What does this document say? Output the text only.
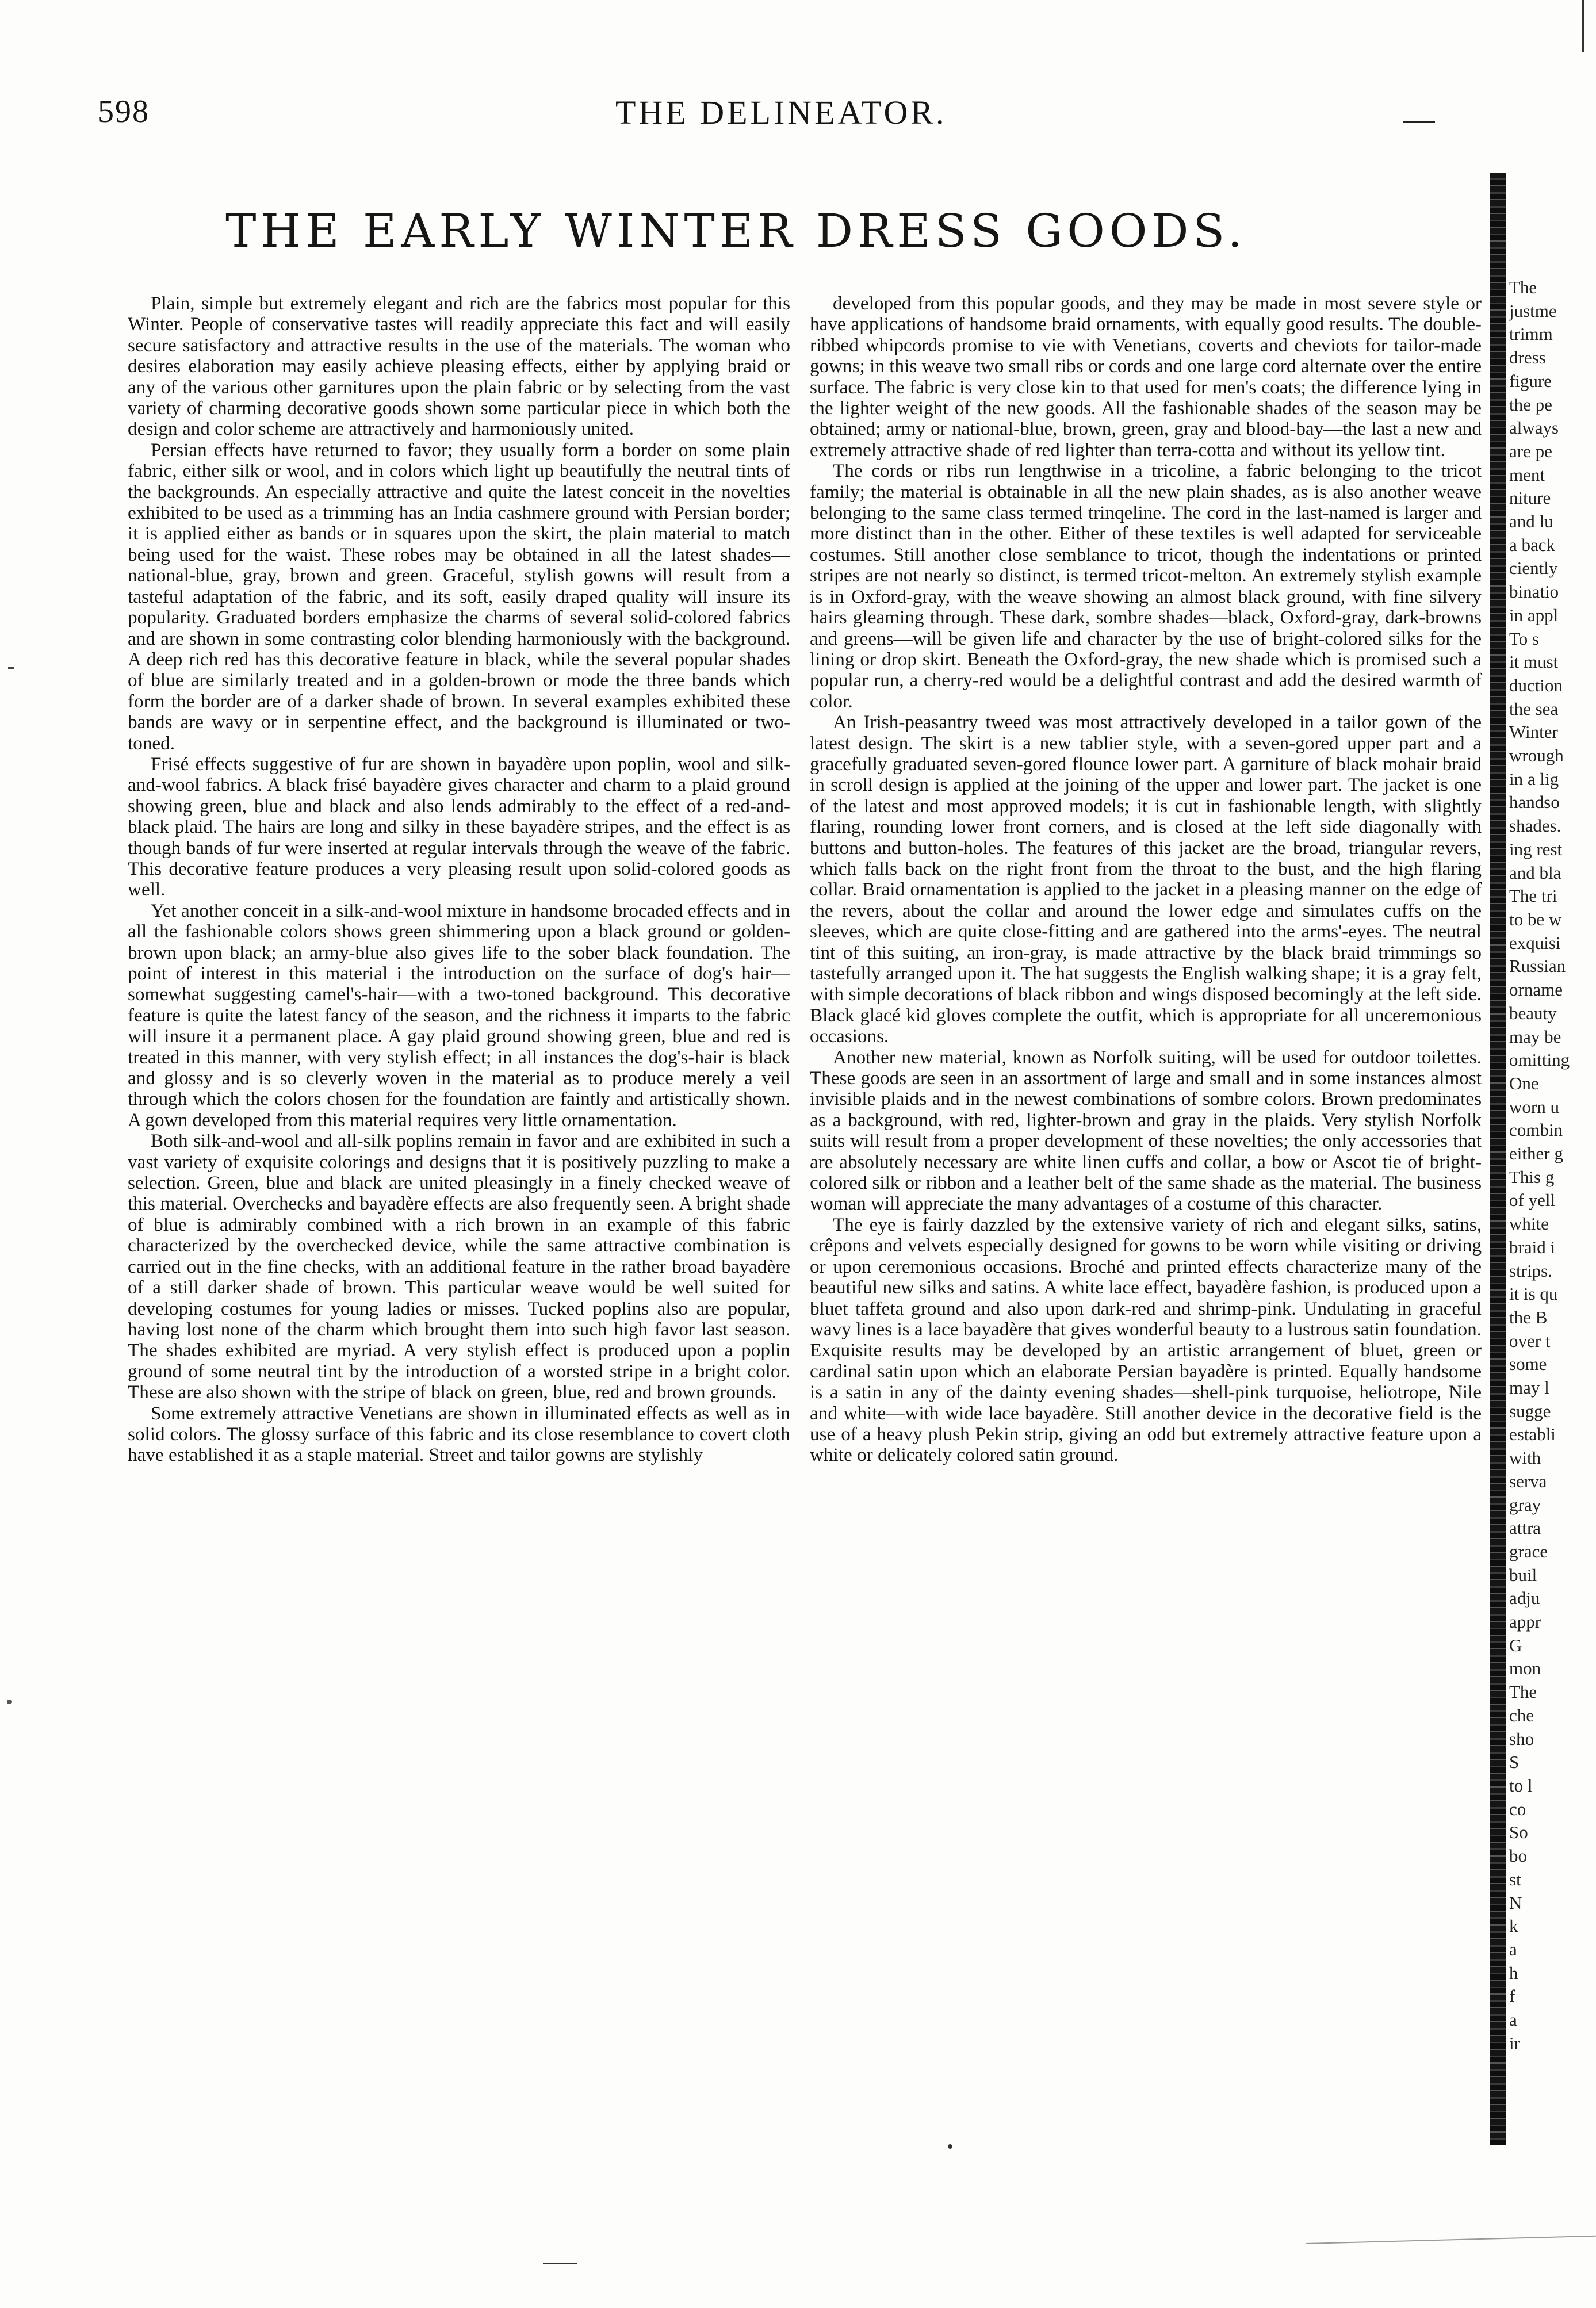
598	THE DELINEATOR.
THE EARLY WINTER DRESS GOODS.

Plain, simple but extremely elegant and rich are the fabrics most popular for this Winter. People of conservative tastes will readily appreciate this fact and will easily secure satisfactory and attractive results in the use of the materials. The woman who desires elaboration may easily achieve pleasing effects, either by applying braid or any of the various other garnitures upon the plain fabric or by selecting from the vast variety of charming decorative goods shown some particular piece in which both the design and color scheme are attractively and harmoniously united.

Persian effects have returned to favor; they usually form a border on some plain fabric, either silk or wool, and in colors which light up beautifully the neutral tints of the backgrounds. An especially attractive and quite the latest conceit in the novelties exhibited to be used as a trimming has an India cashmere ground with Persian border; it is applied either as bands or in squares upon the skirt, the plain material to match being used for the waist. These robes may be obtained in all the latest shades—national-blue, gray, brown and green. Graceful, stylish gowns will result from a tasteful adaptation of the fabric, and its soft, easily draped quality will insure its popularity. Graduated borders emphasize the charms of several solid-colored fabrics and are shown in some contrasting color blending harmoniously with the background. A deep rich red has this decorative feature in black, while the several popular shades of blue are similarly treated and in a golden-brown or mode the three bands which form the border are of a darker shade of brown. In several examples exhibited these bands are wavy or in serpentine effect, and the background is illuminated or two-toned.

Frisé effects suggestive of fur are shown in bayadère upon poplin, wool and silk-and-wool fabrics. A black frisé bayadère gives character and charm to a plaid ground showing green, blue and black and also lends admirably to the effect of a red-and-black plaid. The hairs are long and silky in these bayadère stripes, and the effect is as though bands of fur were inserted at regular intervals through the weave of the fabric. This decorative feature produces a very pleasing result upon solid-colored goods as well.

Yet another conceit in a silk-and-wool mixture in handsome brocaded effects and in all the fashionable colors shows green shimmering upon a black ground or golden-brown upon black; an army-blue also gives life to the sober black foundation. The point of interest in this material i the introduction on the surface of dog's hair—somewhat suggesting camel's-hair—with a two-toned background. This decorative feature is quite the latest fancy of the season, and the richness it imparts to the fabric will insure it a permanent place. A gay plaid ground showing green, blue and red is treated in this manner, with very stylish effect; in all instances the dog's-hair is black and glossy and is so cleverly woven in the material as to produce merely a veil through which the colors chosen for the foundation are faintly and artistically shown. A gown developed from this material requires very little ornamentation.

Both silk-and-wool and all-silk poplins remain in favor and are exhibited in such a vast variety of exquisite colorings and designs that it is positively puzzling to make a selection. Green, blue and black are united pleasingly in a finely checked weave of this material. Overchecks and bayadère effects are also frequently seen. A bright shade of blue is admirably combined with a rich brown in an example of this fabric characterized by the overchecked device, while the same attractive combination is carried out in the fine checks, with an additional feature in the rather broad bayadère of a still darker shade of brown. This particular weave would be well suited for developing costumes for young ladies or misses. Tucked poplins also are popular, having lost none of the charm which brought them into such high favor last season. The shades exhibited are myriad. A very stylish effect is produced upon a poplin ground of some neutral tint by the introduction of a worsted stripe in a bright color. These are also shown with the stripe of black on green, blue, red and brown grounds.

Some extremely attractive Venetians are shown in illuminated effects as well as in solid colors. The glossy surface of this fabric and its close resemblance to covert cloth have established it as a staple material. Street and tailor gowns are stylishly

developed from this popular goods, and they may be made in most severe style or have applications of handsome braid ornaments, with equally good results. The double-ribbed whipcords promise to vie with Venetians, coverts and cheviots for tailor-made gowns; in this weave two small ribs or cords and one large cord alternate over the entire surface. The fabric is very close kin to that used for men's coats; the difference lying in the lighter weight of the new goods. All the fashionable shades of the season may be obtained; army or national-blue, brown, green, gray and blood-bay—the last a new and extremely attractive shade of red lighter than terra-cotta and without its yellow tint.

The cords or ribs run lengthwise in a tricoline, a fabric belonging to the tricot family; the material is obtainable in all the new plain shades, as is also another weave belonging to the same class termed trinqeline. The cord in the last-named is larger and more distinct than in the other. Either of these textiles is well adapted for serviceable costumes. Still another close semblance to tricot, though the indentations or printed stripes are not nearly so distinct, is termed tricot-melton. An extremely stylish example is in Oxford-gray, with the weave showing an almost black ground, with fine silvery hairs gleaming through. These dark, sombre shades—black, Oxford-gray, dark-browns and greens—will be given life and character by the use of bright-colored silks for the lining or drop skirt. Beneath the Oxford-gray, the new shade which is promised such a popular run, a cherry-red would be a delightful contrast and add the desired warmth of color.

An Irish-peasantry tweed was most attractively developed in a tailor gown of the latest design. The skirt is a new tablier style, with a seven-gored upper part and a gracefully graduated seven-gored flounce lower part. A garniture of black mohair braid in scroll design is applied at the joining of the upper and lower part. The jacket is one of the latest and most approved models; it is cut in fashionable length, with slightly flaring, rounding lower front corners, and is closed at the left side diagonally with buttons and button-holes. The features of this jacket are the broad, triangular revers, which falls back on the right front from the throat to the bust, and the high flaring collar. Braid ornamentation is applied to the jacket in a pleasing manner on the edge of the revers, about the collar and around the lower edge and simulates cuffs on the sleeves, which are quite close-fitting and are gathered into the arms'-eyes. The neutral tint of this suiting, an iron-gray, is made attractive by the black braid trimmings so tastefully arranged upon it. The hat suggests the English walking shape; it is a gray felt, with simple decorations of black ribbon and wings disposed becomingly at the left side. Black glacé kid gloves complete the outfit, which is appropriate for all unceremonious occasions.

Another new material, known as Norfolk suiting, will be used for outdoor toilettes. These goods are seen in an assortment of large and small and in some instances almost invisible plaids and in the newest combinations of sombre colors. Brown predominates as a background, with red, lighter-brown and gray in the plaids. Very stylish Norfolk suits will result from a proper development of these novelties; the only accessories that are absolutely necessary are white linen cuffs and collar, a bow or Ascot tie of bright-colored silk or ribbon and a leather belt of the same shade as the material. The business woman will appreciate the many advantages of a costume of this character.

The eye is fairly dazzled by the extensive variety of rich and elegant silks, satins, crêpons and velvets especially designed for gowns to be worn while visiting or driving or upon ceremonious occasions. Broché and printed effects characterize many of the beautiful new silks and satins. A white lace effect, bayadère fashion, is produced upon a bluet taffeta ground and also upon dark-red and shrimp-pink. Undulating in graceful wavy lines is a lace bayadère that gives wonderful beauty to a lustrous satin foundation. Exquisite results may be developed by an artistic arrangement of bluet, green or cardinal satin upon which an elaborate Persian bayadère is printed. Equally handsome is a satin in any of the dainty evening shades—shell-pink turquoise, heliotrope, Nile and white—with wide lace bayadère. Still another device in the decorative field is the use of a heavy plush Pekin strip, giving an odd but extremely attractive feature upon a white or delicately colored satin ground.

The
justme
trimm
dress
figure
the pe
always
are pe
ment
niture
and lu
a back
ciently
binatio
in appl
To s
it must
duction
the sea
Winter
wrough
in a lig
handso
shades.
ing rest
and bla
The tri
to be w
exquisi
Russian
orname
beauty
may be
omitting
One
worn u
combin
either g
This g
of yell
white
braid i
strips.
it is qu
the B
over t
some
may l
sugge
establi
with
serva
gray
attra
grace
buil
adju
appr
G
mon
The
che
sho
S
to l
co
So
bo
st
N
k
a
h
f
a
ir
